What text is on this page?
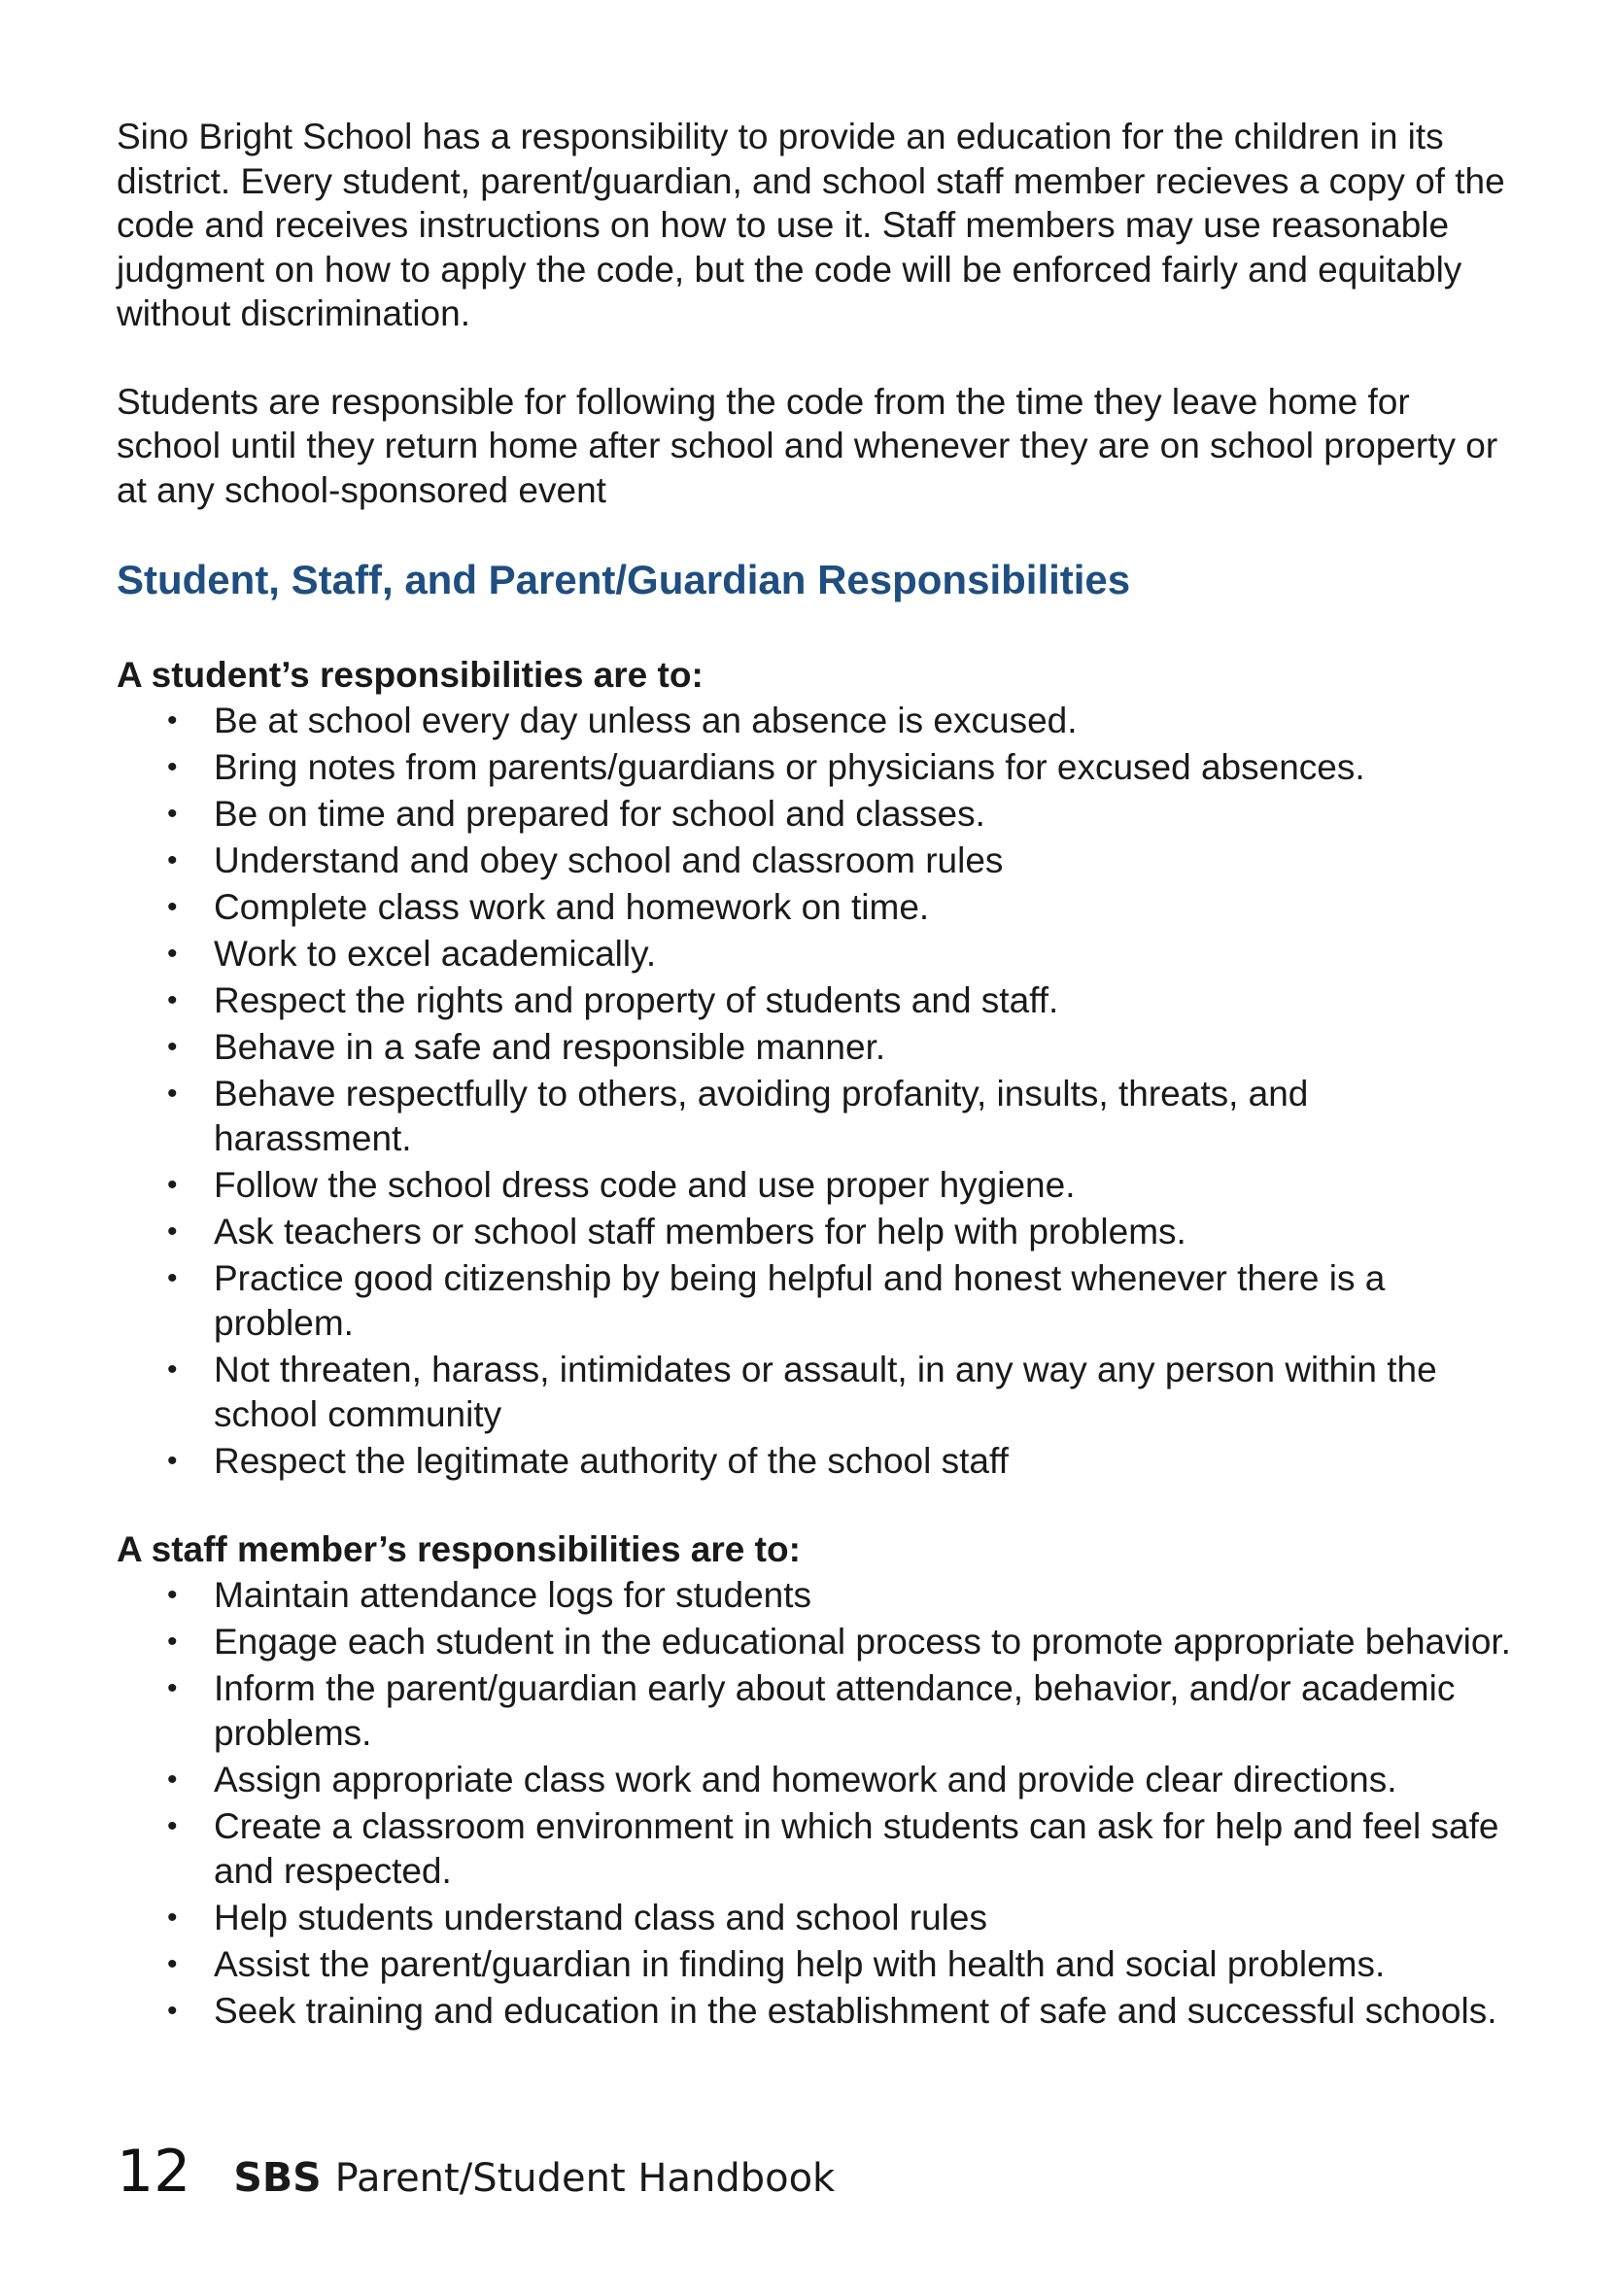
Sino Bright School has a responsibility to provide an education for the children in its district. Every student, parent/guardian, and school staff member recieves a copy of the code and receives instructions on how to use it. Staff members may use reasonable judgment on how to apply the code, but the code will be enforced fairly and equitably without discrimination.

Students are responsible for following the code from the time they leave home for school until they return home after school and whenever they are on school property or at any school-sponsored event

Student, Staff, and Parent/Guardian Responsibilities

A student’s responsibilities are to:

• Be at school every day unless an absence is excused.
• Bring notes from parents/guardians or physicians for excused absences.
• Be on time and prepared for school and classes.
• Understand and obey school and classroom rules
• Complete class work and homework on time.
• Work to excel academically.
• Respect the rights and property of students and staff.
• Behave in a safe and responsible manner.
• Behave respectfully to others, avoiding profanity, insults, threats, and harassment.
• Follow the school dress code and use proper hygiene.
• Ask teachers or school staff members for help with problems.
• Practice good citizenship by being helpful and honest whenever there is a problem.
• Not threaten, harass, intimidates or assault, in any way any person within the school community
• Respect the legitimate authority of the school staff

A staff member’s responsibilities are to:

• Maintain attendance logs for students
• Engage each student in the educational process to promote appropriate behavior.
• Inform the parent/guardian early about attendance, behavior, and/or academic problems.
• Assign appropriate class work and homework and provide clear directions.
• Create a classroom environment in which students can ask for help and feel safe and respected.
• Help students understand class and school rules
• Assist the parent/guardian in finding help with health and social problems.
• Seek training and education in the establishment of safe and successful schools.
12 SBS Parent/Student Handbook
